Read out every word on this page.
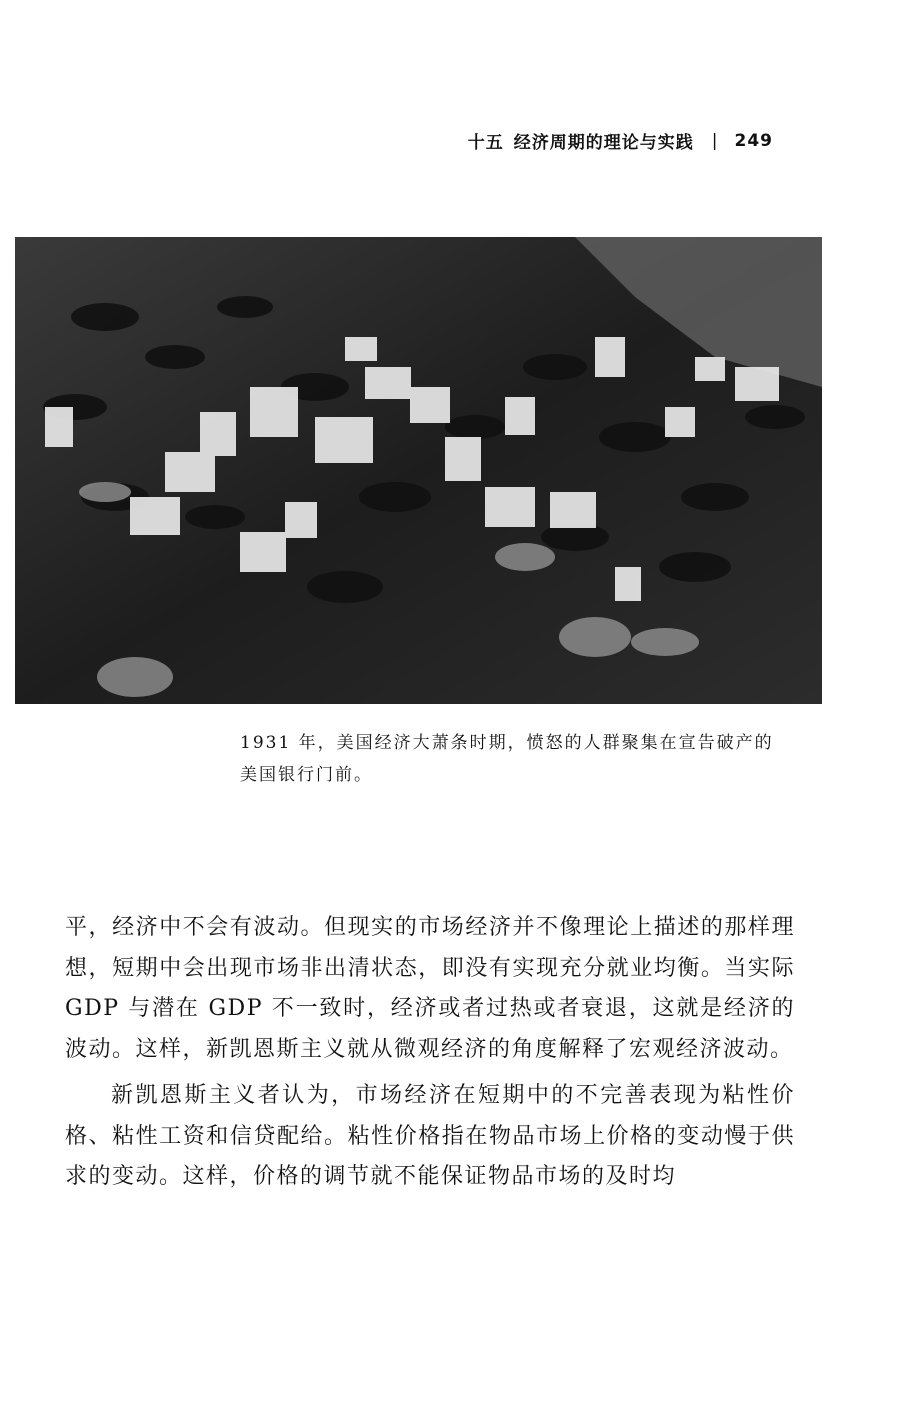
十五 经济周期的理论与实践 | 249
1931 年，美国经济大萧条时期，愤怒的人群聚集在宣告破产的美国银行门前。

平，经济中不会有波动。但现实的市场经济并不像理论上描述的那样理想，短期中会出现市场非出清状态，即没有实现充分就业均衡。当实际 GDP 与潜在 GDP 不一致时，经济或者过热或者衰退，这就是经济的波动。这样，新凯恩斯主义就从微观经济的角度解释了宏观经济波动。

新凯恩斯主义者认为，市场经济在短期中的不完善表现为粘性价格、粘性工资和信贷配给。粘性价格指在物品市场上价格的变动慢于供求的变动。这样，价格的调节就不能保证物品市场的及时均
